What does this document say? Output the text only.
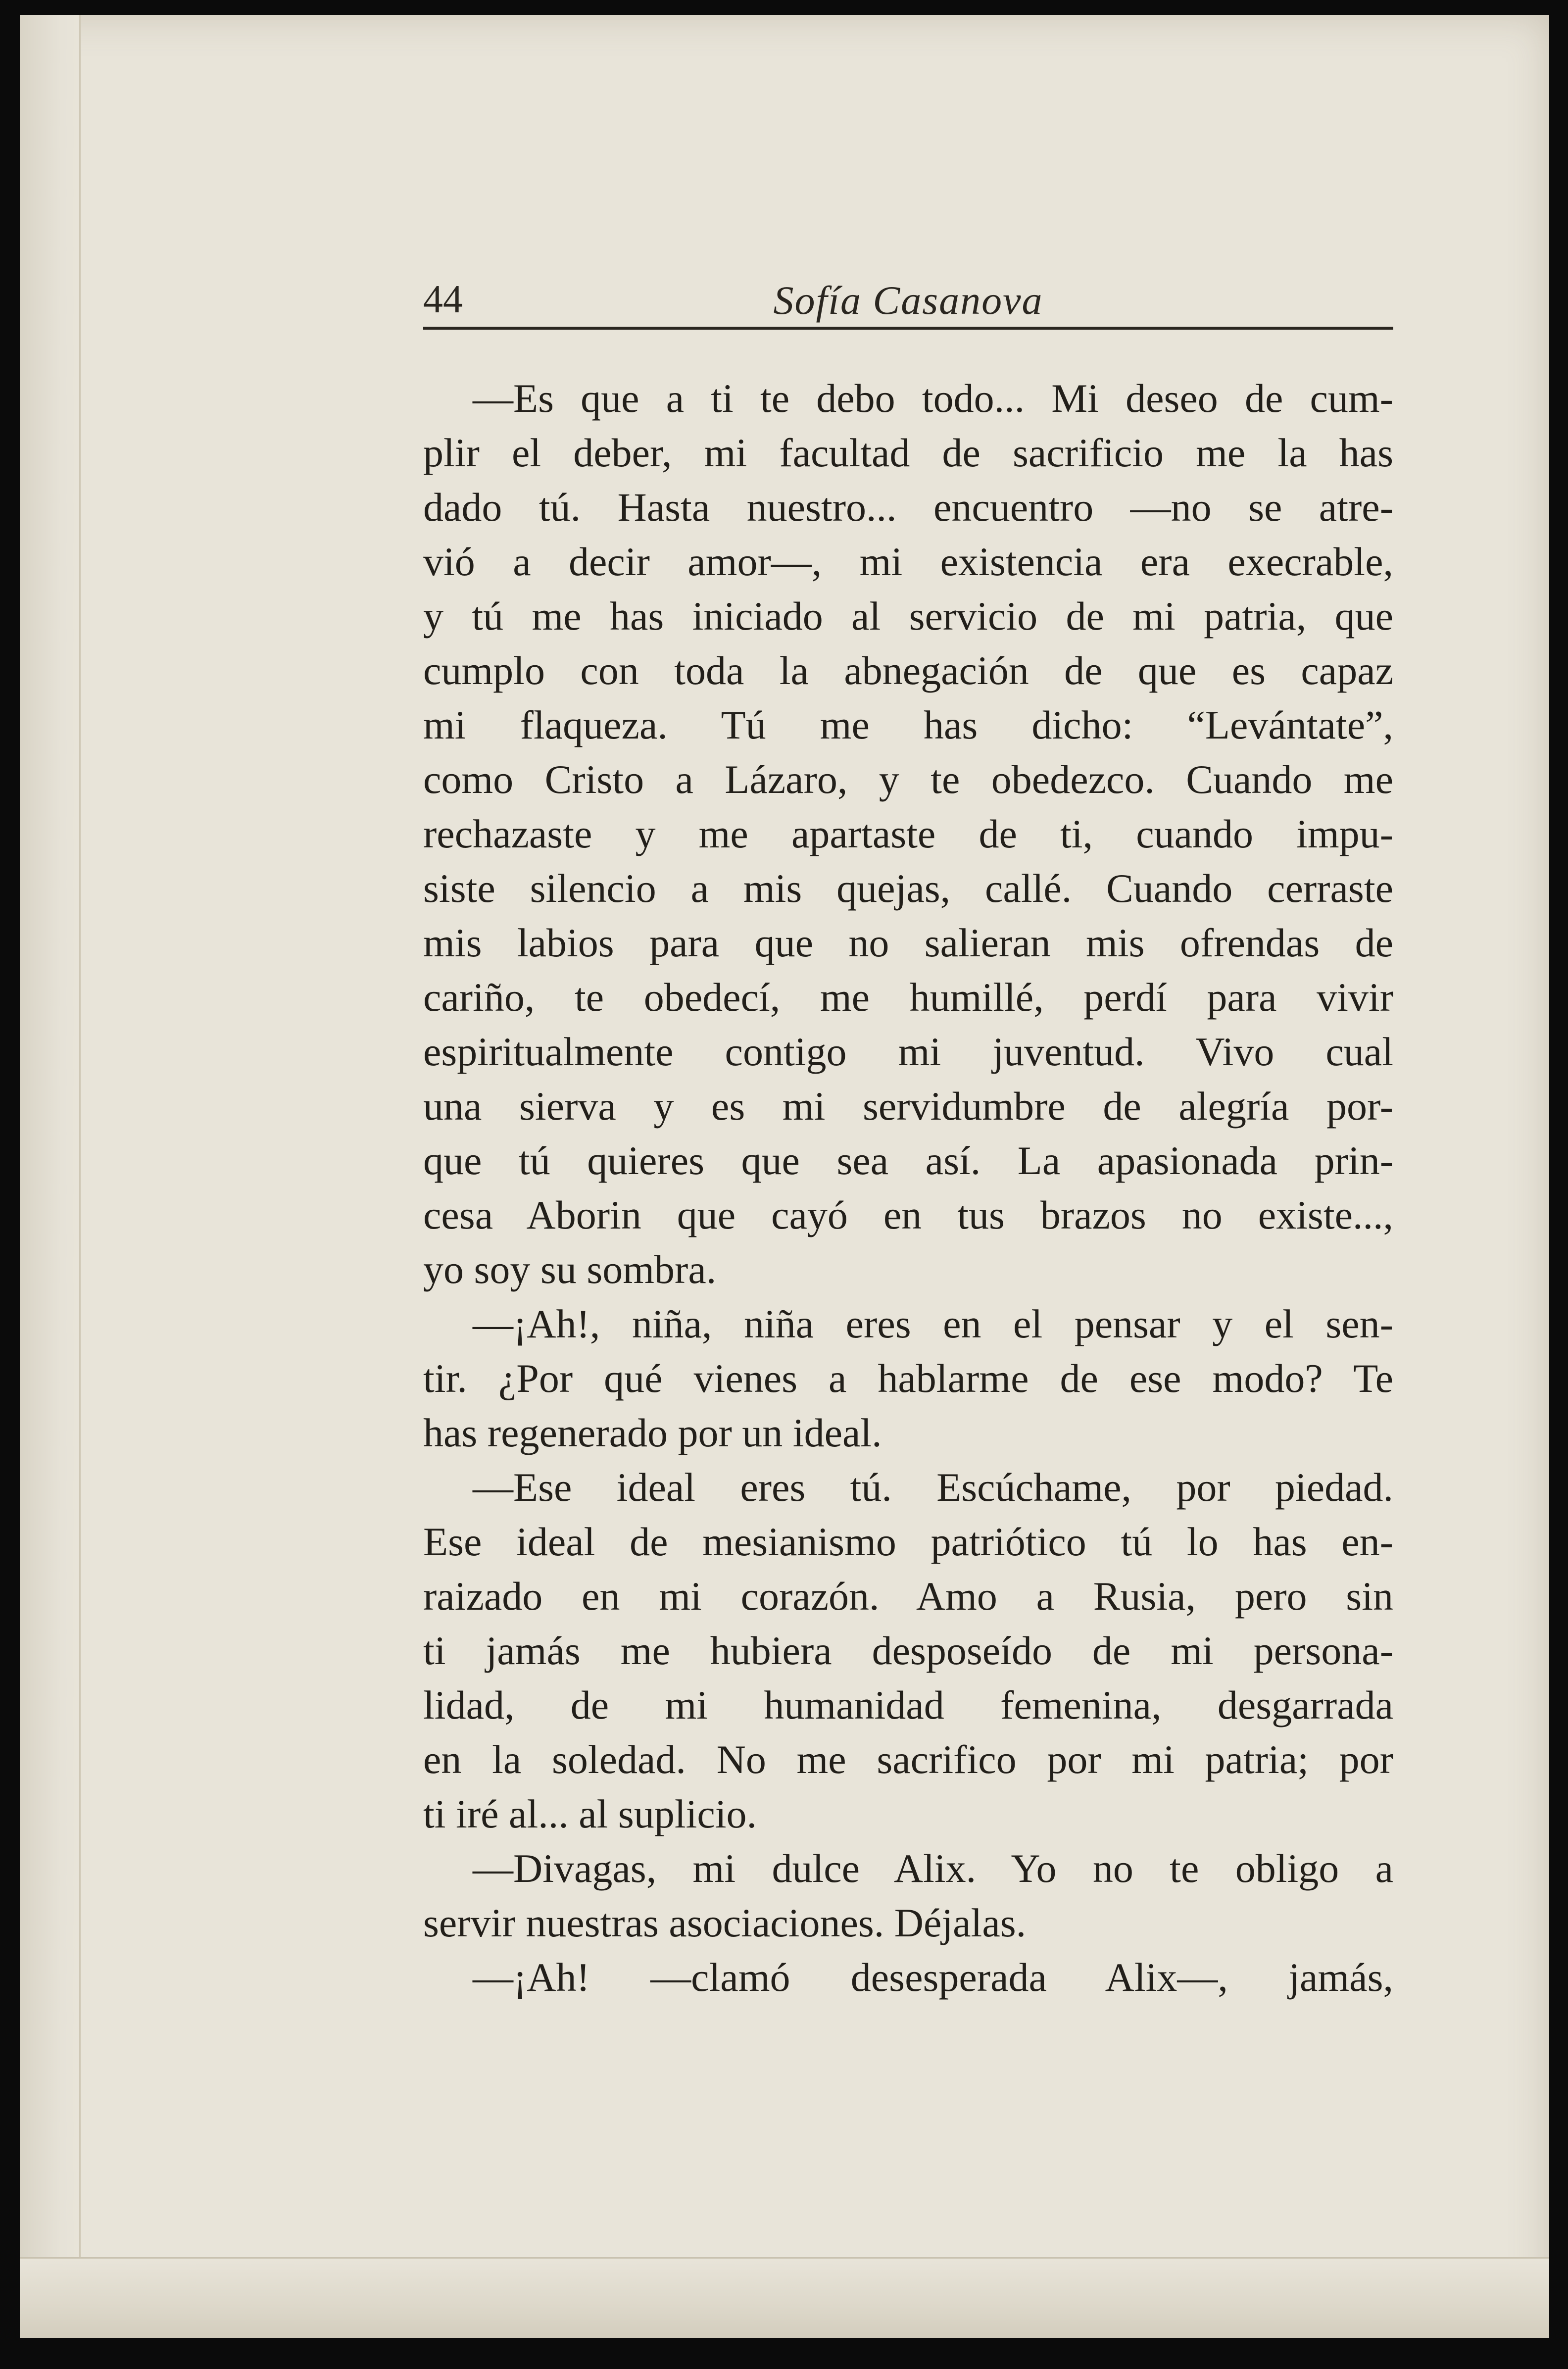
44	Sofía Casanova
—Es que a ti te debo todo... Mi deseo de cum-
plir el deber, mi facultad de sacrificio me la has
dado tú. Hasta nuestro... encuentro —no se atre-
vió a decir amor—, mi existencia era execrable,
y tú me has iniciado al servicio de mi patria, que
cumplo con toda la abnegación de que es capaz
mi flaqueza. Tú me has dicho: “Levántate”,
como Cristo a Lázaro, y te obedezco. Cuando me
rechazaste y me apartaste de ti, cuando impu-
siste silencio a mis quejas, callé. Cuando cerraste
mis labios para que no salieran mis ofrendas de
cariño, te obedecí, me humillé, perdí para vivir
espiritualmente contigo mi juventud. Vivo cual
una sierva y es mi servidumbre de alegría por-
que tú quieres que sea así. La apasionada prin-
cesa Aborin que cayó en tus brazos no existe...,
yo soy su sombra.
—¡Ah!, niña, niña eres en el pensar y el sen-
tir. ¿Por qué vienes a hablarme de ese modo? Te
has regenerado por un ideal.
—Ese ideal eres tú. Escúchame, por piedad.
Ese ideal de mesianismo patriótico tú lo has en-
raizado en mi corazón. Amo a Rusia, pero sin
ti jamás me hubiera desposeído de mi persona-
lidad, de mi humanidad femenina, desgarrada
en la soledad. No me sacrifico por mi patria; por
ti iré al... al suplicio.
—Divagas, mi dulce Alix. Yo no te obligo a
servir nuestras asociaciones. Déjalas.
—¡Ah! —clamó desesperada Alix—, jamás,
